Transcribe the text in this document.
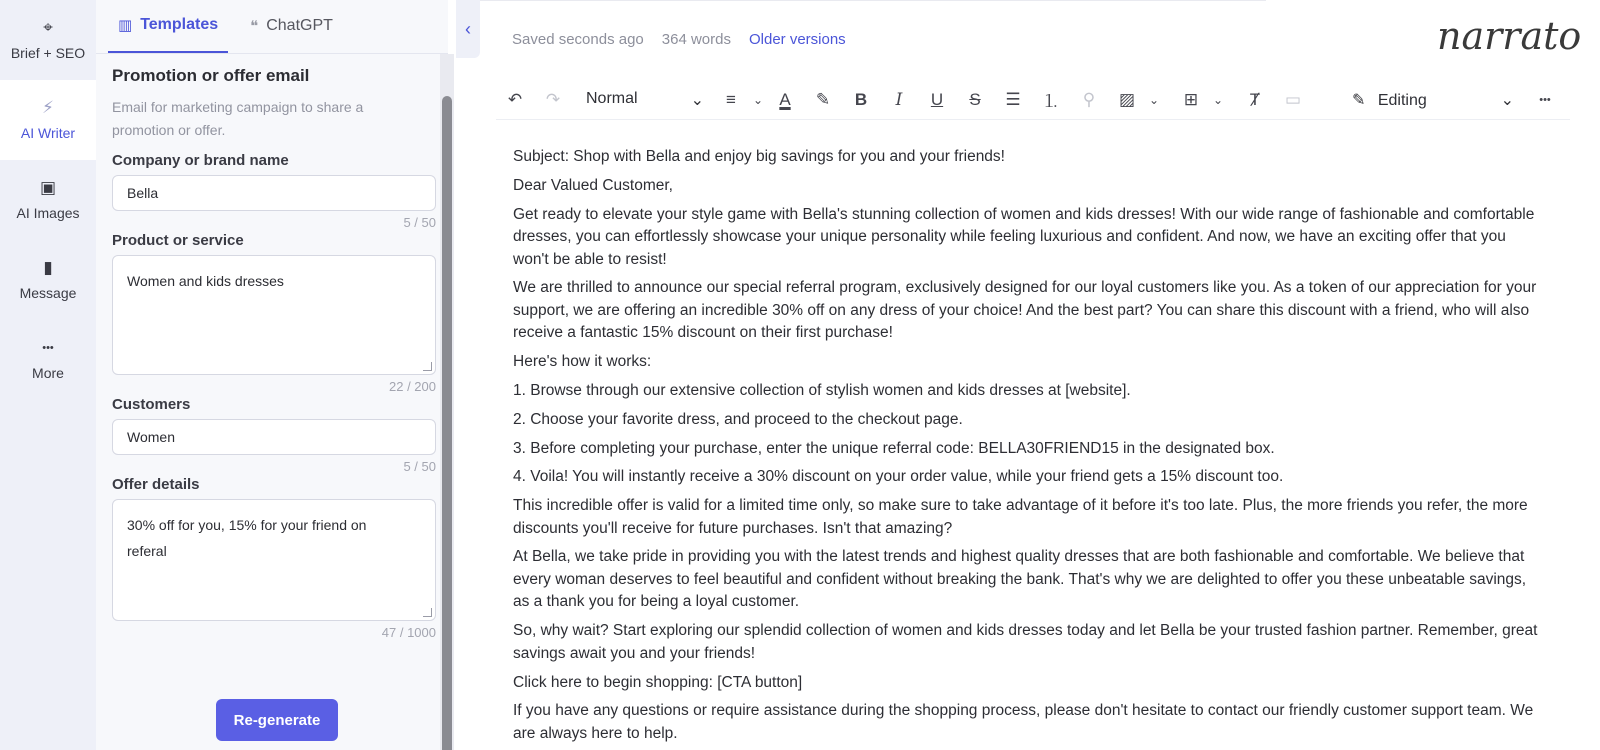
⌖
Brief + SEO
⚡
AI Writer
▣
AI Images
▮
Message
•••
More
▥ Templates ❝ ChatGPT
Promotion or offer email
Email for marketing campaign to share a promotion or offer.
Company or brand name
Bella
5 / 50
Product or service
Women and kids dresses
22 / 200
Customers
Women
5 / 50
Offer details
30% off for you, 15% for your friend on referal
47 / 1000
Re-generate
‹
Saved seconds ago 364 words Older versions	narrato
↶	↷	Normal	⌄	≡	⌄ A	✎	B	I	U	S	☰	⒈	⚲	▨	⌄	⊞	⌄	Ⱦ	▭	✎ Editing	⌄	•••

Subject: Shop with Bella and enjoy big savings for you and your friends!

Dear Valued Customer,

Get ready to elevate your style game with Bella's stunning collection of women and kids dresses! With our wide range of fashionable and comfortable dresses, you can effortlessly showcase your unique personality while feeling luxurious and confident. And now, we have an exciting offer that you won't be able to resist!

We are thrilled to announce our special referral program, exclusively designed for our loyal customers like you. As a token of our appreciation for your support, we are offering an incredible 30% off on any dress of your choice! And the best part? You can share this discount with a friend, who will also receive a fantastic 15% discount on their first purchase!

Here's how it works:

1. Browse through our extensive collection of stylish women and kids dresses at [website].

2. Choose your favorite dress, and proceed to the checkout page.

3. Before completing your purchase, enter the unique referral code: BELLA30FRIEND15 in the designated box.

4. Voila! You will instantly receive a 30% discount on your order value, while your friend gets a 15% discount too.

This incredible offer is valid for a limited time only, so make sure to take advantage of it before it's too late. Plus, the more friends you refer, the more discounts you'll receive for future purchases. Isn't that amazing?

At Bella, we take pride in providing you with the latest trends and highest quality dresses that are both fashionable and comfortable. We believe that every woman deserves to feel beautiful and confident without breaking the bank. That's why we are delighted to offer you these unbeatable savings, as a thank you for being a loyal customer.

So, why wait? Start exploring our splendid collection of women and kids dresses today and let Bella be your trusted fashion partner. Remember, great savings await you and your friends!

Click here to begin shopping: [CTA button]

If you have any questions or require assistance during the shopping process, please don't hesitate to contact our friendly customer support team. We are always here to help.
